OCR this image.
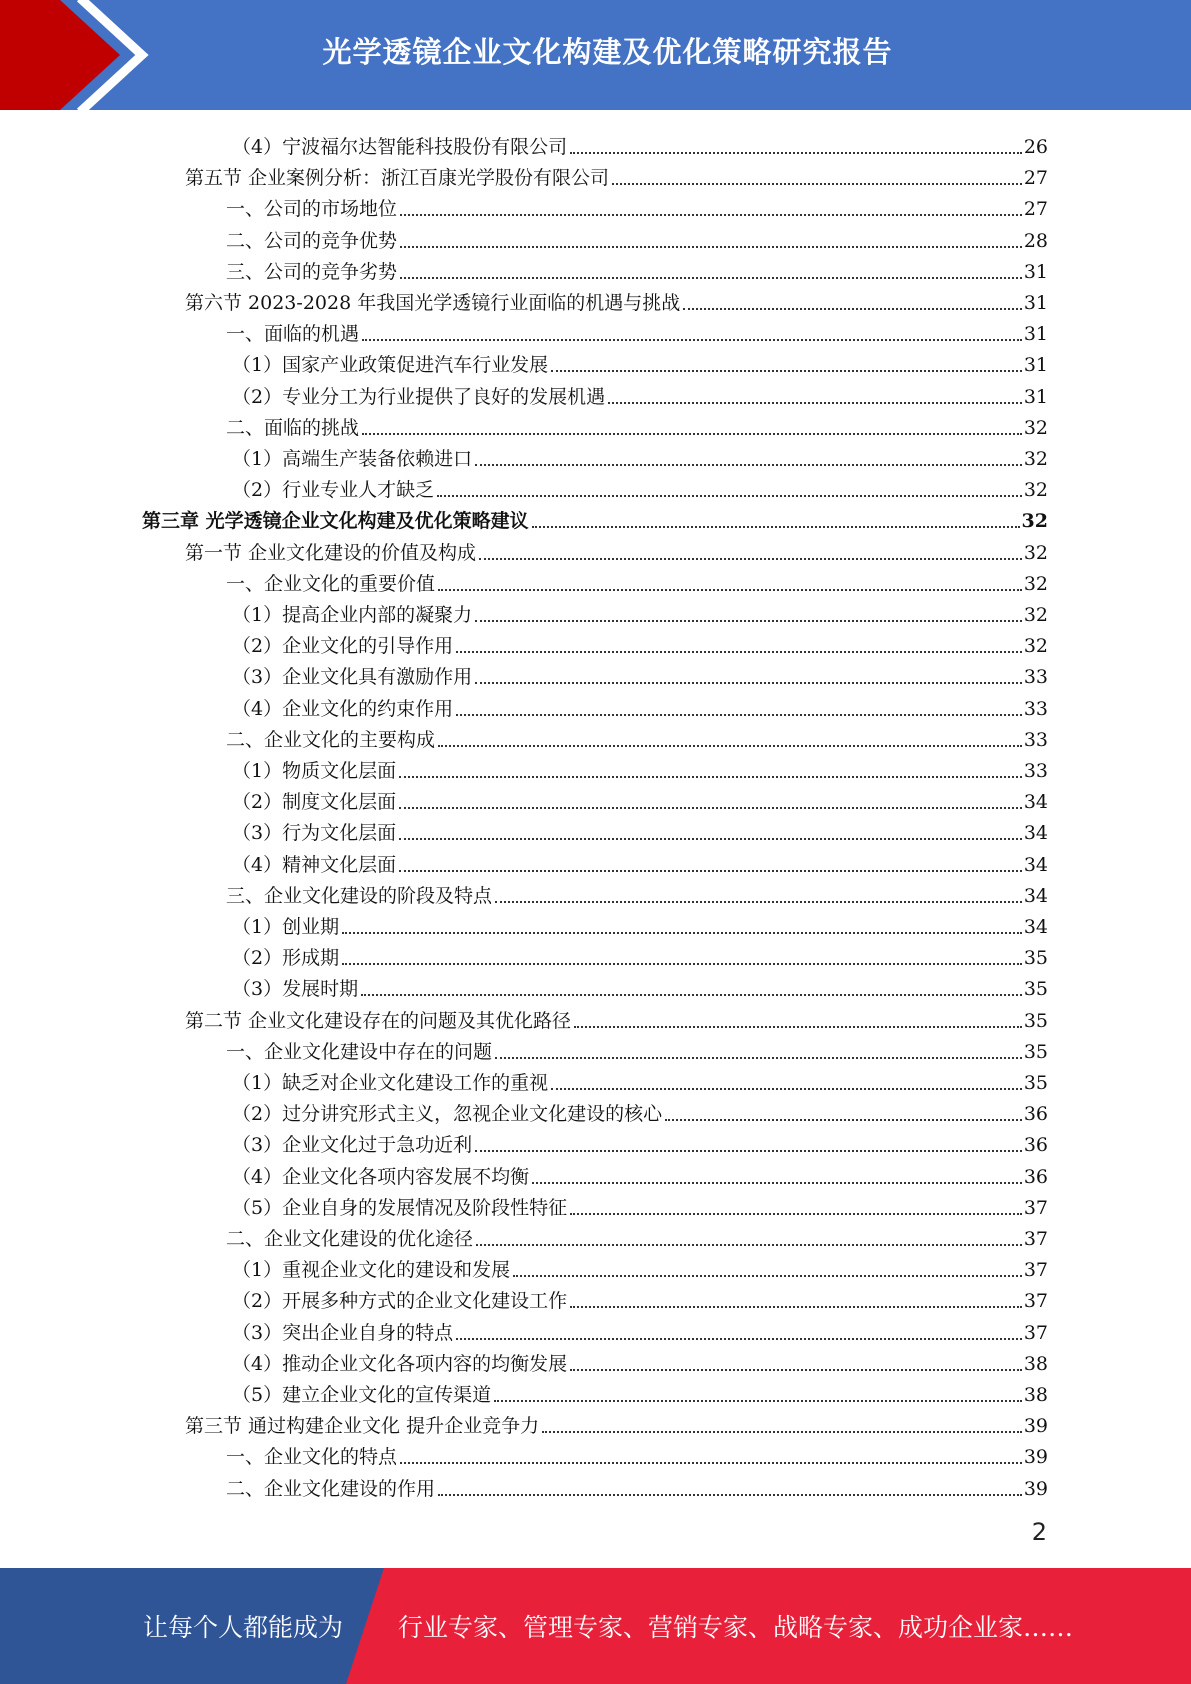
光学透镜企业文化构建及优化策略研究报告
（4）宁波福尔达智能科技股份有限公司	26
第五节 企业案例分析：浙江百康光学股份有限公司	27
一、公司的市场地位	27
二、公司的竞争优势	28
三、公司的竞争劣势	31
第六节 2023-2028 年我国光学透镜行业面临的机遇与挑战	31
一、面临的机遇	31
（1）国家产业政策促进汽车行业发展	31
（2）专业分工为行业提供了良好的发展机遇	31
二、面临的挑战	32
（1）高端生产装备依赖进口	32
（2）行业专业人才缺乏	32
第三章 光学透镜企业文化构建及优化策略建议	32
第一节 企业文化建设的价值及构成	32
一、企业文化的重要价值	32
（1）提高企业内部的凝聚力	32
（2）企业文化的引导作用	32
（3）企业文化具有激励作用	33
（4）企业文化的约束作用	33
二、企业文化的主要构成	33
（1）物质文化层面	33
（2）制度文化层面	34
（3）行为文化层面	34
（4）精神文化层面	34
三、企业文化建设的阶段及特点	34
（1）创业期	34
（2）形成期	35
（3）发展时期	35
第二节 企业文化建设存在的问题及其优化路径	35
一、企业文化建设中存在的问题	35
（1）缺乏对企业文化建设工作的重视	35
（2）过分讲究形式主义，忽视企业文化建设的核心	36
（3）企业文化过于急功近利	36
（4）企业文化各项内容发展不均衡	36
（5）企业自身的发展情况及阶段性特征	37
二、企业文化建设的优化途径	37
（1）重视企业文化的建设和发展	37
（2）开展多种方式的企业文化建设工作	37
（3）突出企业自身的特点	37
（4）推动企业文化各项内容的均衡发展	38
（5）建立企业文化的宣传渠道	38
第三节 通过构建企业文化 提升企业竞争力	39
一、企业文化的特点	39
二、企业文化建设的作用	39
2
让每个人都能成为 行业专家、管理专家、营销专家、战略专家、成功企业家……
